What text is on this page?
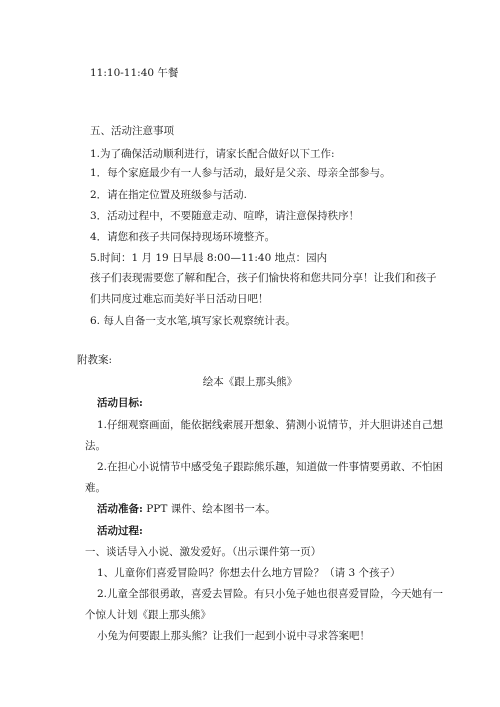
11:10-11:40 午餐
五、活动注意事项
1.为了确保活动顺利进行，请家长配合做好以下工作:
1．每个家庭最少有一人参与活动，最好是父亲、母亲全部参与。
2．请在指定位置及班级参与活动.
3．活动过程中，不要随意走动、喧哗，请注意保持秩序！
4．请您和孩子共同保持现场环境整齐。
5.时间：1 月 19 日早晨 8:00—11:40 地点：园内
孩子们表现需要您了解和配合，孩子们愉快将和您共同分享！让我们和孩子
们共同度过难忘而美好半日活动日吧！
6. 每人自备一支水笔,填写家长观察统计表。
附教案:
绘本《跟上那头熊》
活动目标:
1.仔细观察画面，能依据线索展开想象、猜测小说情节，并大胆讲述自己想
法。
2.在担心小说情节中感受兔子跟踪熊乐趣，知道做一件事情要勇敢、不怕困
难。
活动准备: PPT 课件、绘本图书一本。
活动过程:
一、谈话导入小说、激发爱好。（出示课件第一页）
1、儿童你们喜爱冒险吗？你想去什么地方冒险？（请 3 个孩子）
2.儿童全部很勇敢，喜爱去冒险。有只小兔子她也很喜爱冒险，今天她有一
个惊人计划《跟上那头熊》
小兔为何要跟上那头熊？让我们一起到小说中寻求答案吧！
